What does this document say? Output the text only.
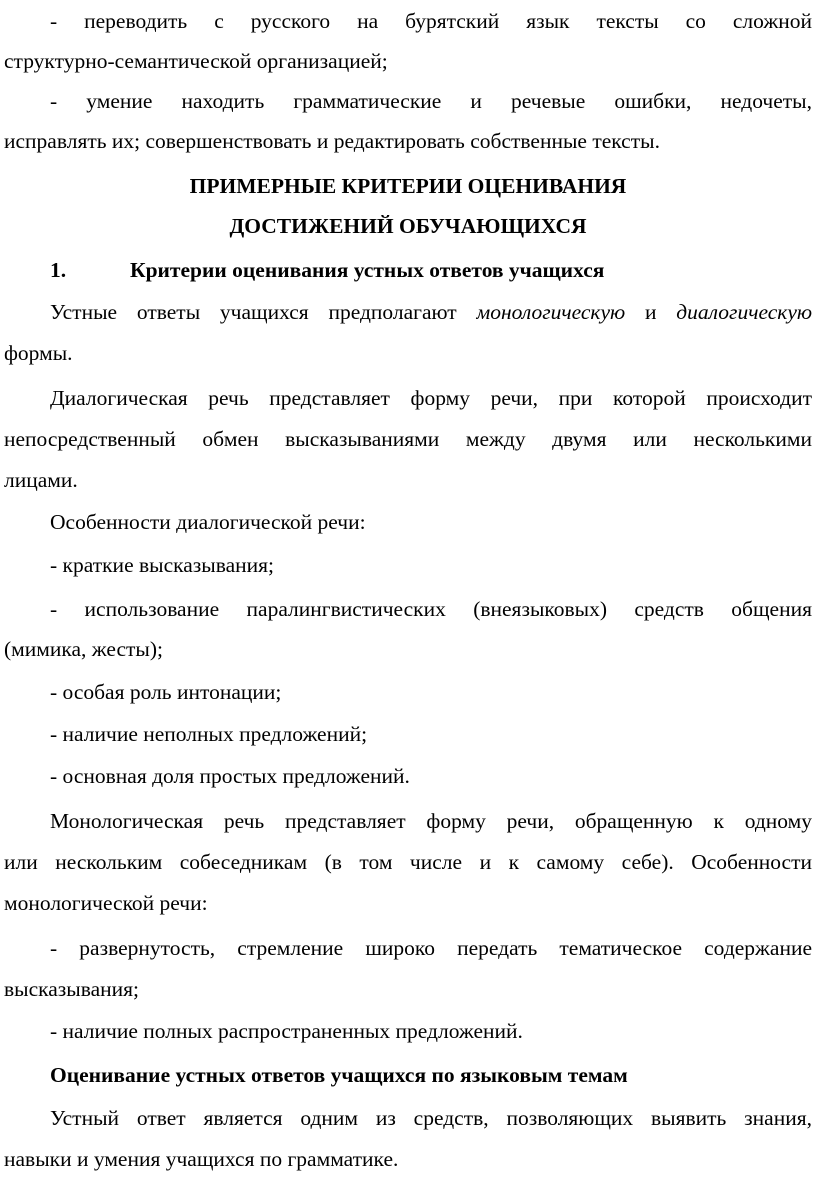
- переводить с русского на бурятский язык тексты со сложной
структурно-семантической организацией;
- умение находить грамматические и речевые ошибки, недочеты,
исправлять их; совершенствовать и редактировать собственные тексты.
ПРИМЕРНЫЕ КРИТЕРИИ ОЦЕНИВАНИЯ
ДОСТИЖЕНИЙ ОБУЧАЮЩИХСЯ
1.	Критерии оценивания устных ответов учащихся
Устные ответы учащихся предполагают монологическую и диалогическую
формы.
Диалогическая речь представляет форму речи, при которой происходит
непосредственный обмен высказываниями между двумя или несколькими
лицами.
Особенности диалогической речи:
- краткие высказывания;
- использование паралингвистических (внеязыковых) средств общения
(мимика, жесты);
- особая роль интонации;
- наличие неполных предложений;
- основная доля простых предложений.
Монологическая речь представляет форму речи, обращенную к одному
или нескольким собеседникам (в том числе и к самому себе). Особенности
монологической речи:
- развернутость, стремление широко передать тематическое содержание
высказывания;
- наличие полных распространенных предложений.
Оценивание устных ответов учащихся по языковым темам
Устный ответ является одним из средств, позволяющих выявить знания,
навыки и умения учащихся по грамматике.
